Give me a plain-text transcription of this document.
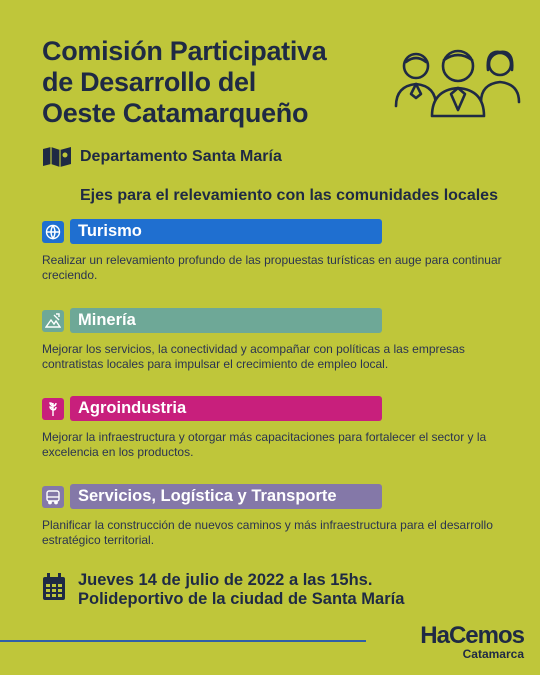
Comisión Participativa
de Desarrollo del
Oeste Catamarqueño
Departamento Santa María
Ejes para el relevamiento con las comunidades locales
Turismo
Realizar un relevamiento profundo de las propuestas turísticas en auge para continuar creciendo.
Minería
Mejorar los servicios, la conectividad y acompañar con políticas a las empresas contratistas locales para impulsar el crecimiento de empleo local.
Agroindustria
Mejorar la infraestructura y otorgar más capacitaciones para fortalecer el sector y la excelencia en los productos.
Servicios, Logística y Transporte
Planificar la construcción de nuevos caminos y más infraestructura para el desarrollo estratégico territorial.
Jueves 14 de julio de 2022 a las 15hs.
Polideportivo de la ciudad de Santa María
HaCemos
Catamarca
